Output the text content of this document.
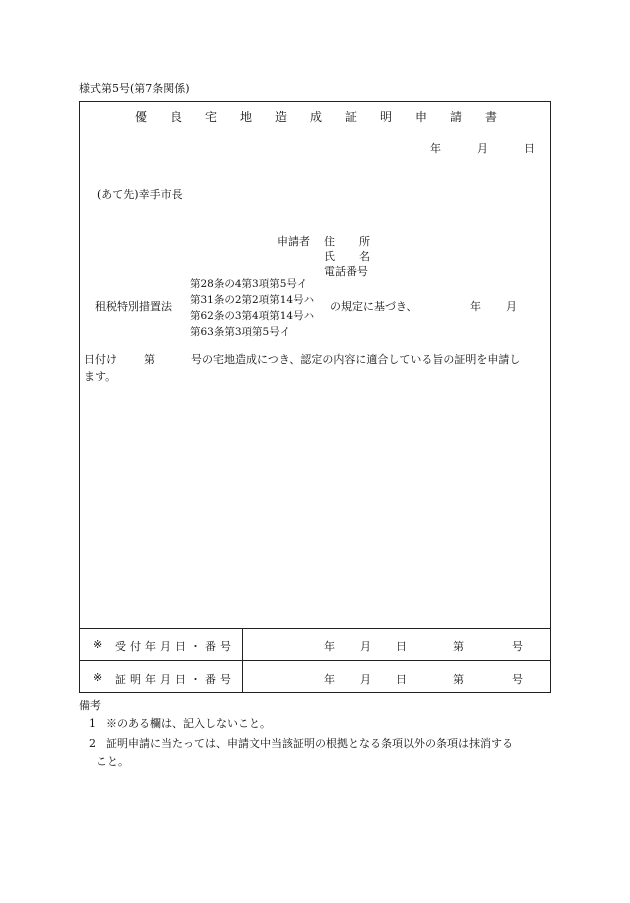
様式第5号(第7条関係)
優 良 宅 地 造 成 証 明 申 請 書
年	月	日
(あて先)幸手市長
申請者 住 所
氏 名
電話番号
租税特別措置法
第28条の4第3項第5号イ
第31条の2第2項第14号ハ
第62条の3第4項第14号ハ
第63条第3項第5号イ
の規定に基づき、	年 月
日付け 第	号の宅地造成につき、認定の内容に適合している旨の証明を申請し
ます。
※ 受 付 年 月 日 ・ 番 号	年 月 日	第	号
※ 証 明 年 月 日 ・ 番 号	年 月 日	第	号
備考
1 ※のある欄は、記入しないこと。
2 証明申請に当たっては、申請文中当該証明の根拠となる条項以外の条項は抹消する
こと。
